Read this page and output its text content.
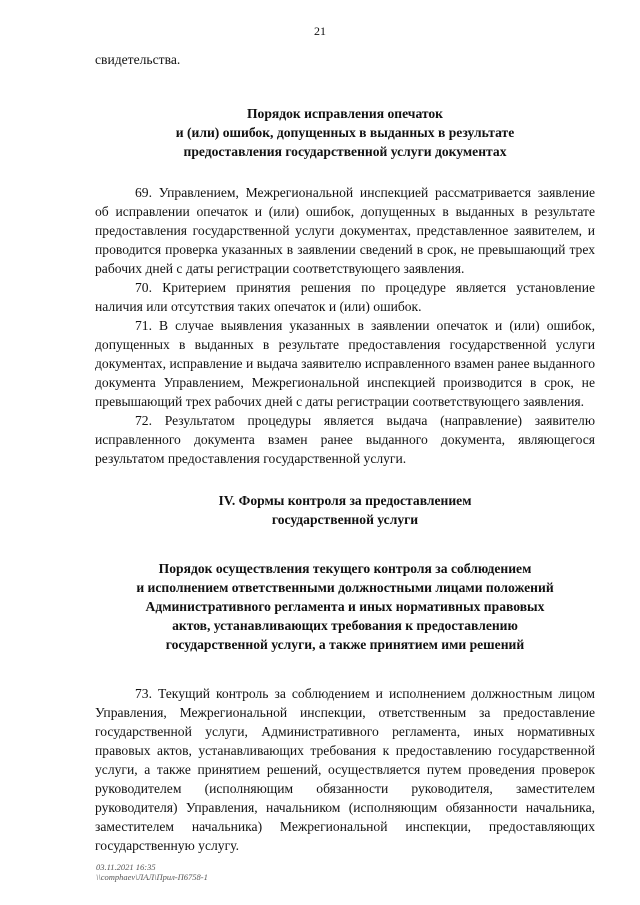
21

свидетельства.

Порядок исправления опечаток
и (или) ошибок, допущенных в выданных в результате
предоставления государственной услуги документах

69. Управлением, Межрегиональной инспекцией рассматривается заявление об исправлении опечаток и (или) ошибок, допущенных в выданных в результате предоставления государственной услуги документах, представленное заявителем, и проводится проверка указанных в заявлении сведений в срок, не превышающий трех рабочих дней с даты регистрации соответствующего заявления.

70. Критерием принятия решения по процедуре является установление наличия или отсутствия таких опечаток и (или) ошибок.

71. В случае выявления указанных в заявлении опечаток и (или) ошибок, допущенных в выданных в результате предоставления государственной услуги документах, исправление и выдача заявителю исправленного взамен ранее выданного документа Управлением, Межрегиональной инспекцией производится в срок, не превышающий трех рабочих дней с даты регистрации соответствующего заявления.

72. Результатом процедуры является выдача (направление) заявителю исправленного документа взамен ранее выданного документа, являющегося результатом предоставления государственной услуги.

IV. Формы контроля за предоставлением
государственной услуги

Порядок осуществления текущего контроля за соблюдением
и исполнением ответственными должностными лицами положений
Административного регламента и иных нормативных правовых
актов, устанавливающих требования к предоставлению
государственной услуги, а также принятием ими решений

73. Текущий контроль за соблюдением и исполнением должностным лицом Управления, Межрегиональной инспекции, ответственным за предоставление государственной услуги, Административного регламента, иных нормативных правовых актов, устанавливающих требования к предоставлению государственной услуги, а также принятием решений, осуществляется путем проведения проверок руководителем (исполняющим обязанности руководителя, заместителем руководителя) Управления, начальником (исполняющим обязанности начальника, заместителем начальника) Межрегиональной инспекции, предоставляющих государственную услугу.

03.11.2021 16:35
\\comphaev\ЛАЛ\Прил-П6758-1
